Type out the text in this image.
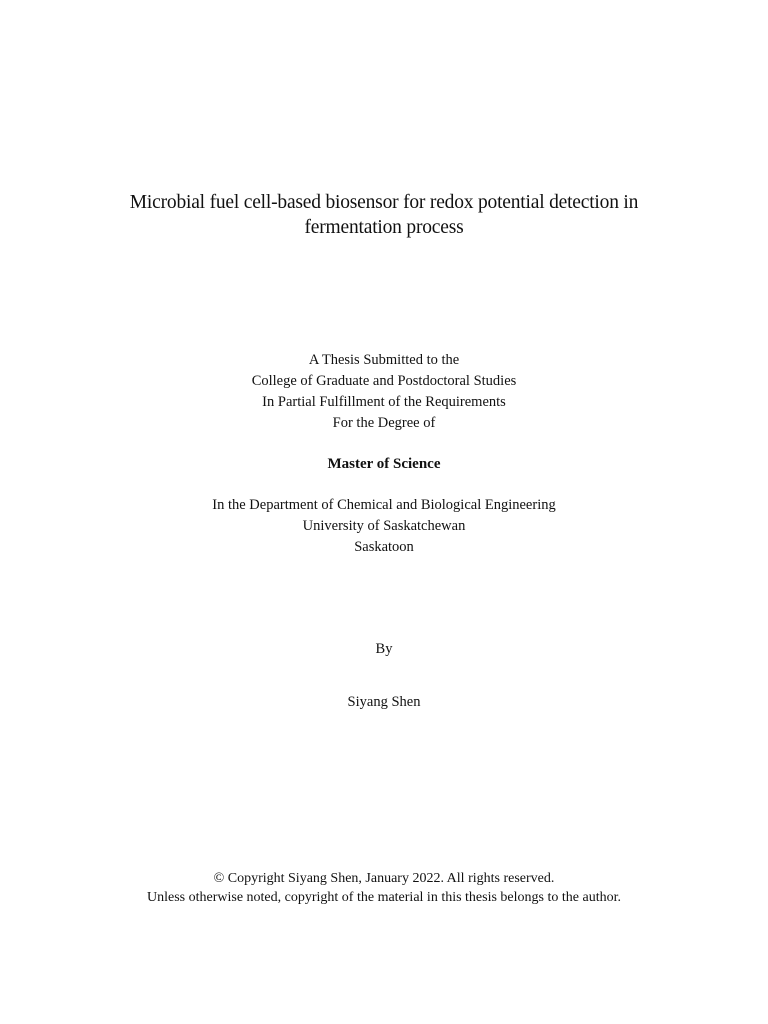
Microbial fuel cell-based biosensor for redox potential detection in
fermentation process
A Thesis Submitted to the
College of Graduate and Postdoctoral Studies
In Partial Fulfillment of the Requirements
For the Degree of
Master of Science
In the Department of Chemical and Biological Engineering
University of Saskatchewan
Saskatoon
By
Siyang Shen
© Copyright Siyang Shen, January 2022. All rights reserved.
Unless otherwise noted, copyright of the material in this thesis belongs to the author.
